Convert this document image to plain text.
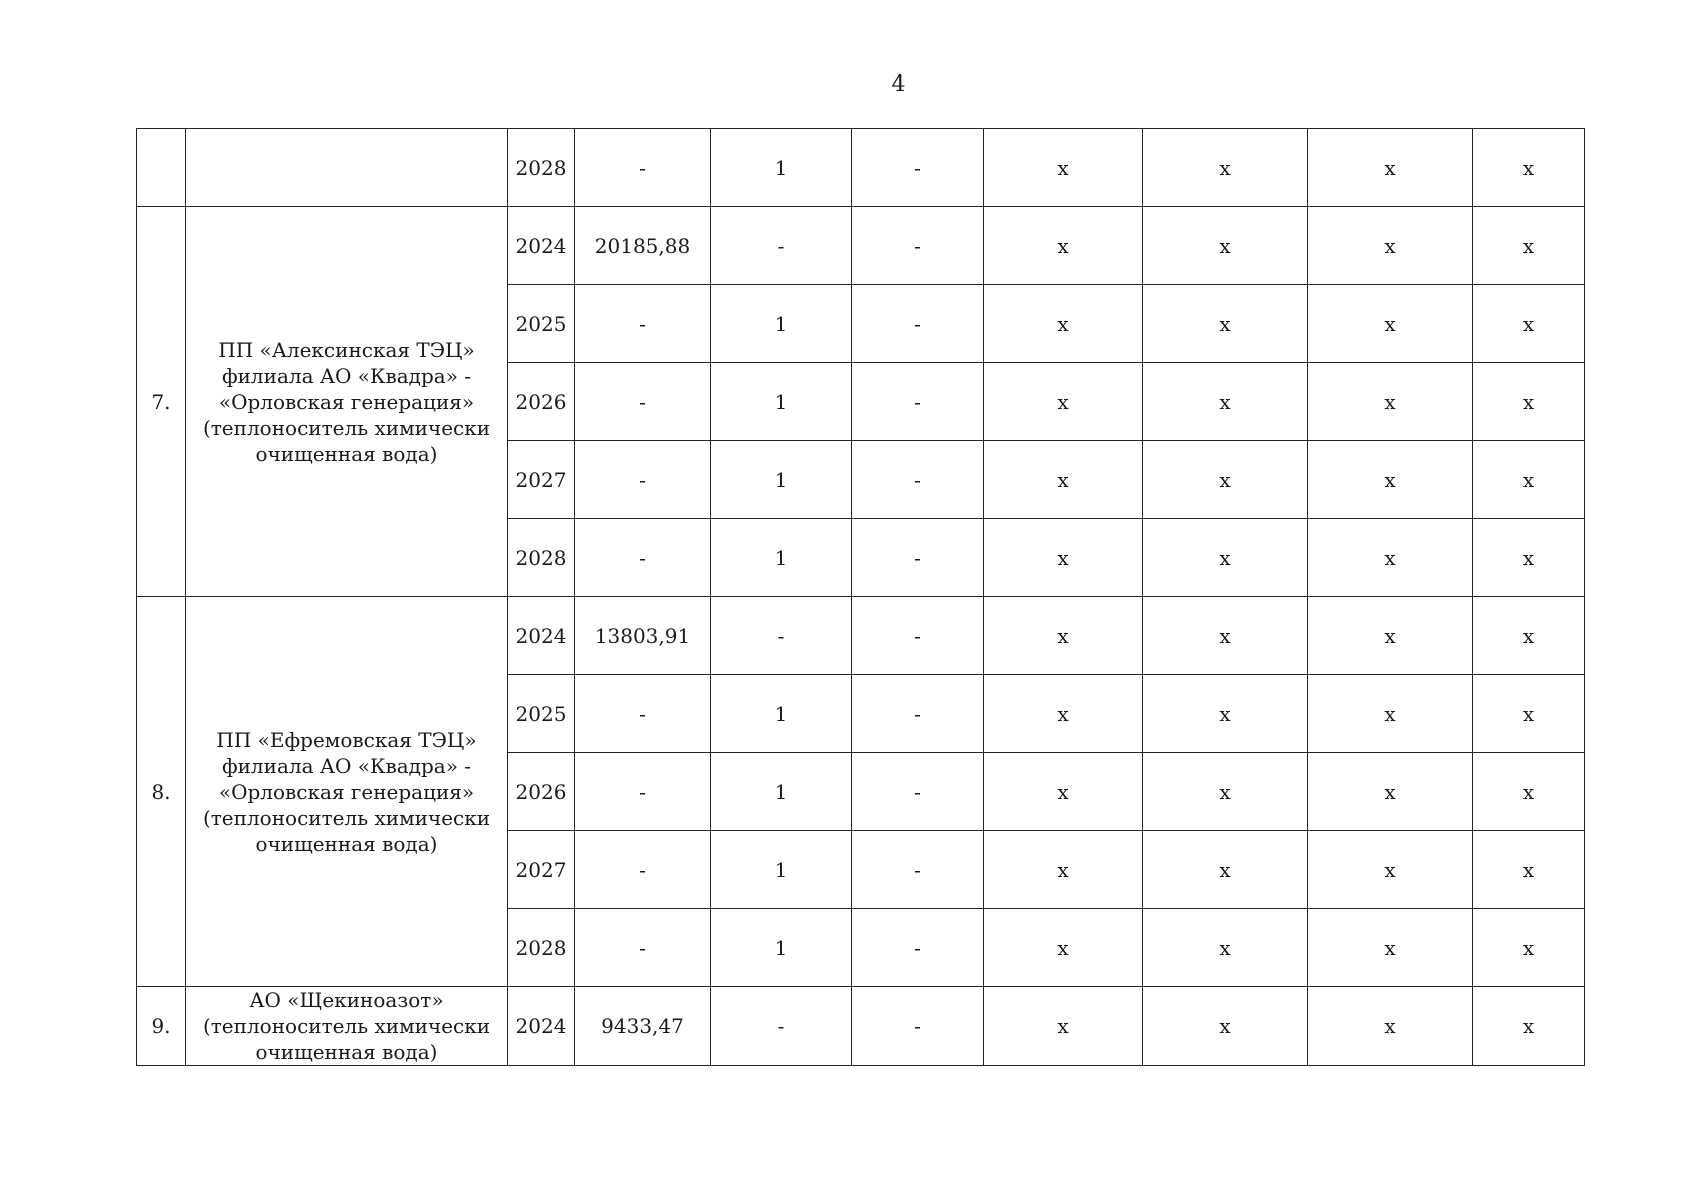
4
		2028	-	1	-	x	x	x	x
7.	ПП «Алексинская ТЭЦ» филиала АО «Квадра» - «Орловская генерация» (теплоноситель химически очищенная вода)	2024	20185,88	-	-	x	x	x	x
		2025	-	1	-	x	x	x	x
		2026	-	1	-	x	x	x	x
		2027	-	1	-	x	x	x	x
		2028	-	1	-	x	x	x	x
8.	ПП «Ефремовская ТЭЦ» филиала АО «Квадра» - «Орловская генерация» (теплоноситель химически очищенная вода)	2024	13803,91	-	-	x	x	x	x
		2025	-	1	-	x	x	x	x
		2026	-	1	-	x	x	x	x
		2027	-	1	-	x	x	x	x
		2028	-	1	-	x	x	x	x
9.	АО «Щекиноазот» (теплоноситель химически очищенная вода)	2024	9433,47	-	-	x	x	x	x
